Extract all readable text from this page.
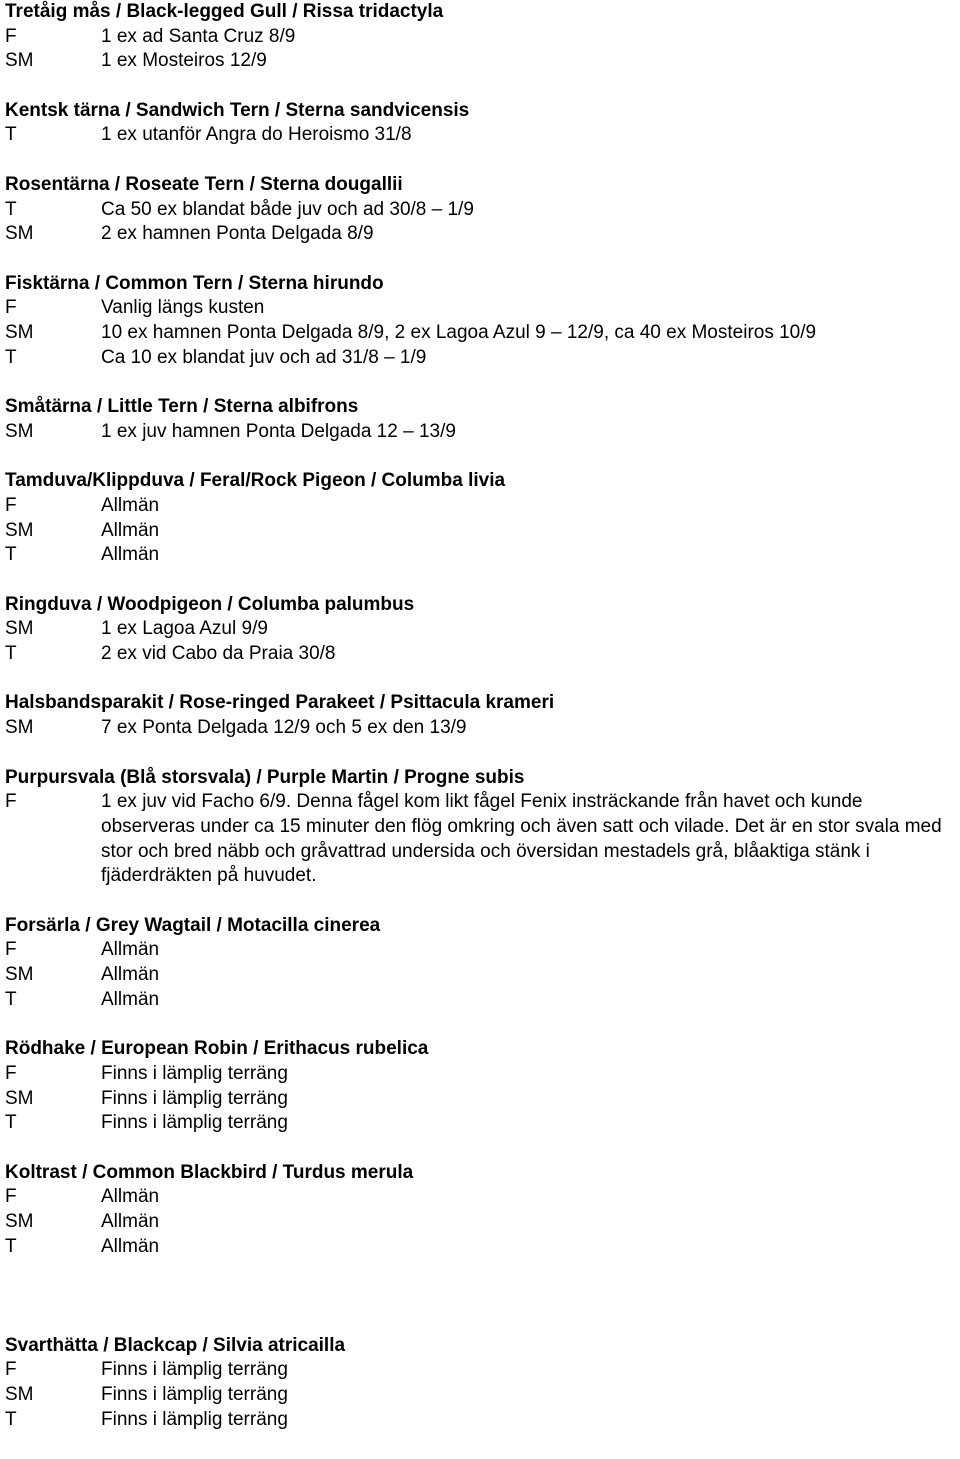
Tretåig mås / Black-legged Gull / Rissa tridactyla
F	1 ex ad Santa Cruz 8/9
SM	1 ex Mosteiros 12/9
Kentsk tärna / Sandwich Tern / Sterna sandvicensis
T	1 ex utanför Angra do Heroismo 31/8
Rosentärna / Roseate Tern / Sterna dougallii
T	Ca 50 ex blandat både juv och ad 30/8 – 1/9
SM	2 ex hamnen Ponta Delgada 8/9
Fisktärna / Common Tern / Sterna hirundo
F	Vanlig längs kusten
SM	10 ex hamnen Ponta Delgada 8/9, 2 ex Lagoa Azul 9 – 12/9, ca 40 ex Mosteiros 10/9
T	Ca 10 ex blandat juv och ad 31/8 – 1/9
Småtärna / Little Tern / Sterna albifrons
SM	1 ex juv hamnen Ponta Delgada 12 – 13/9
Tamduva/Klippduva / Feral/Rock Pigeon / Columba livia
F	Allmän
SM	Allmän
T	Allmän
Ringduva / Woodpigeon / Columba palumbus
SM	1 ex Lagoa Azul 9/9
T	2 ex vid Cabo da Praia 30/8
Halsbandsparakit / Rose-ringed Parakeet / Psittacula krameri
SM	7 ex Ponta Delgada 12/9 och 5 ex den 13/9
Purpursvala (Blå storsvala) / Purple Martin / Progne subis
F	1 ex juv vid Facho 6/9. Denna fågel kom likt fågel Fenix insträckande från havet och kunde observeras under ca 15 minuter den flög omkring och även satt och vilade. Det är en stor svala med stor och bred näbb och gråvattrad undersida och översidan mestadels grå, blåaktiga stänk i fjäderdräkten på huvudet.
Forsärla / Grey Wagtail / Motacilla cinerea
F	Allmän
SM	Allmän
T	Allmän
Rödhake / European Robin / Erithacus rubelica
F	Finns i lämplig terräng
SM	Finns i lämplig terräng
T	Finns i lämplig terräng
Koltrast / Common Blackbird / Turdus merula
F	Allmän
SM	Allmän
T	Allmän
Svarthätta / Blackcap / Silvia atricailla
F	Finns i lämplig terräng
SM	Finns i lämplig terräng
T	Finns i lämplig terräng
